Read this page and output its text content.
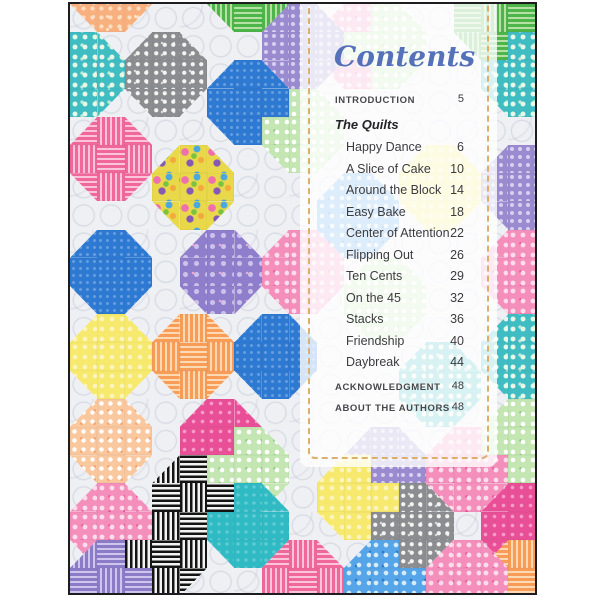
Contents
INTRODUCTION	5
The Quilts
Happy Dance	6
A Slice of Cake 10
Around the Block 14
Easy Bake	18
Center of Attention 22
Flipping Out	26
Ten Cents	29
On the 45	32
Stacks	36
Friendship	40
Daybreak	44
ACKNOWLEDGMENT 48
ABOUT THE AUTHORS 48
